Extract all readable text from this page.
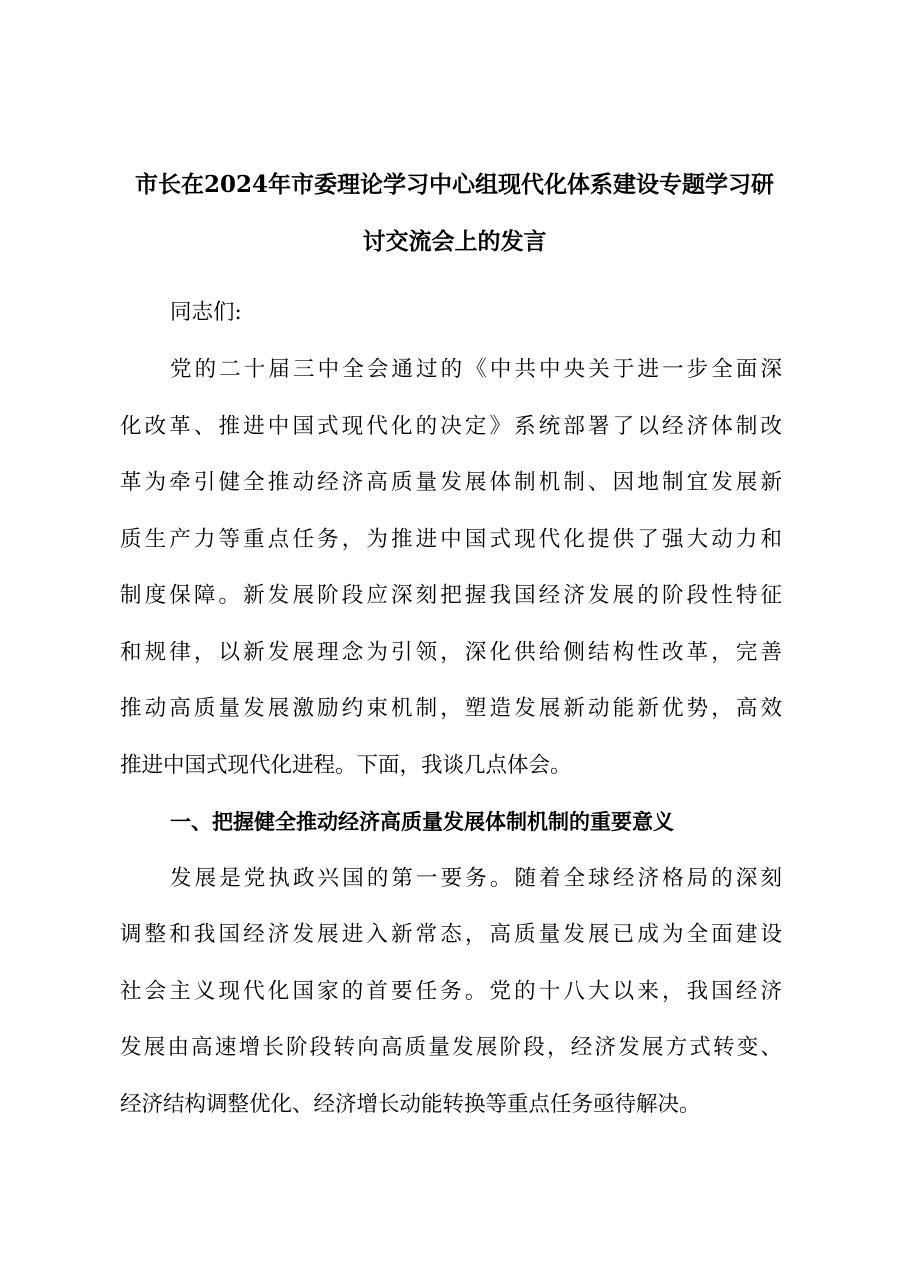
市长在2024年市委理论学习中心组现代化体系建设专题学习研
讨交流会上的发言
同志们:
党的二十届三中全会通过的《中共中央关于进一步全面深
化改革、推进中国式现代化的决定》系统部署了以经济体制改
革为牵引健全推动经济高质量发展体制机制、因地制宜发展新
质生产力等重点任务，为推进中国式现代化提供了强大动力和
制度保障。新发展阶段应深刻把握我国经济发展的阶段性特征
和规律，以新发展理念为引领，深化供给侧结构性改革，完善
推动高质量发展激励约束机制，塑造发展新动能新优势，高效
推进中国式现代化进程。下面，我谈几点体会。
一、把握健全推动经济高质量发展体制机制的重要意义
发展是党执政兴国的第一要务。随着全球经济格局的深刻
调整和我国经济发展进入新常态，高质量发展已成为全面建设
社会主义现代化国家的首要任务。党的十八大以来，我国经济
发展由高速增长阶段转向高质量发展阶段，经济发展方式转变、
经济结构调整优化、经济增长动能转换等重点任务亟待解决。
